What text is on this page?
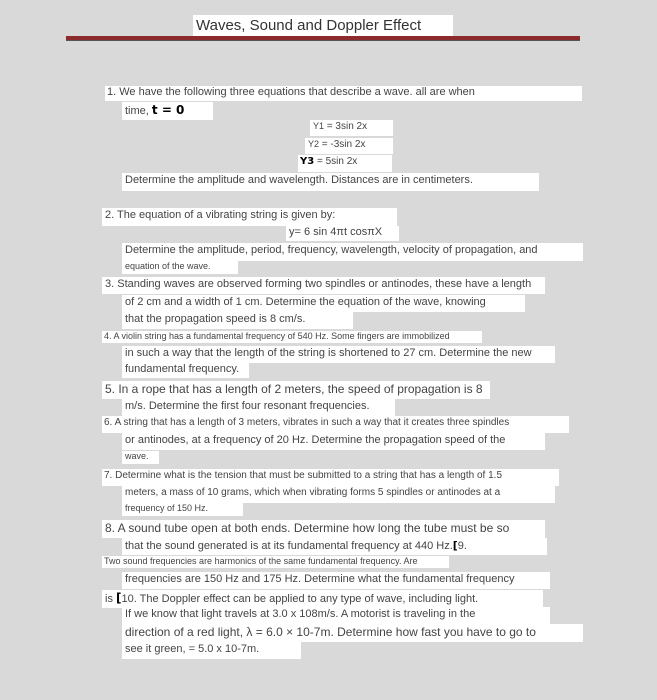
Waves, Sound and Doppler Effect
1. We have the following three equations that describe a wave. all are when
time, t = 0
Y1 = 3sin 2x
Y2 = -3sin 2x
Y3 = 5sin 2x
Determine the amplitude and wavelength. Distances are in centimeters.
2. The equation of a vibrating string is given by:
y= 6 sin 4πt cosπX
Determine the amplitude, period, frequency, wavelength, velocity of propagation, and
equation of the wave.
3. Standing waves are observed forming two spindles or antinodes, these have a length
of 2 cm and a width of 1 cm. Determine the equation of the wave, knowing
that the propagation speed is 8 cm/s.
4. A violin string has a fundamental frequency of 540 Hz. Some fingers are immobilized
in such a way that the length of the string is shortened to 27 cm. Determine the new
fundamental frequency.
5. In a rope that has a length of 2 meters, the speed of propagation is 8
m/s. Determine the first four resonant frequencies.
6. A string that has a length of 3 meters, vibrates in such a way that it creates three spindles
or antinodes, at a frequency of 20 Hz. Determine the propagation speed of the
wave.
7. Determine what is the tension that must be submitted to a string that has a length of 1.5
meters, a mass of 10 grams, which when vibrating forms 5 spindles or antinodes at a
frequency of 150 Hz.
8. A sound tube open at both ends. Determine how long the tube must be so
that the sound generated is at its fundamental frequency at 440 Hz.[9.
Two sound frequencies are harmonics of the same fundamental frequency. Are
frequencies are 150 Hz and 175 Hz. Determine what the fundamental frequency
is [10. The Doppler effect can be applied to any type of wave, including light.
If we know that light travels at 3.0 x 108m/s. A motorist is traveling in the
direction of a red light, λ = 6.0 × 10-7m. Determine how fast you have to go to
see it green, = 5.0 x 10-7m.
